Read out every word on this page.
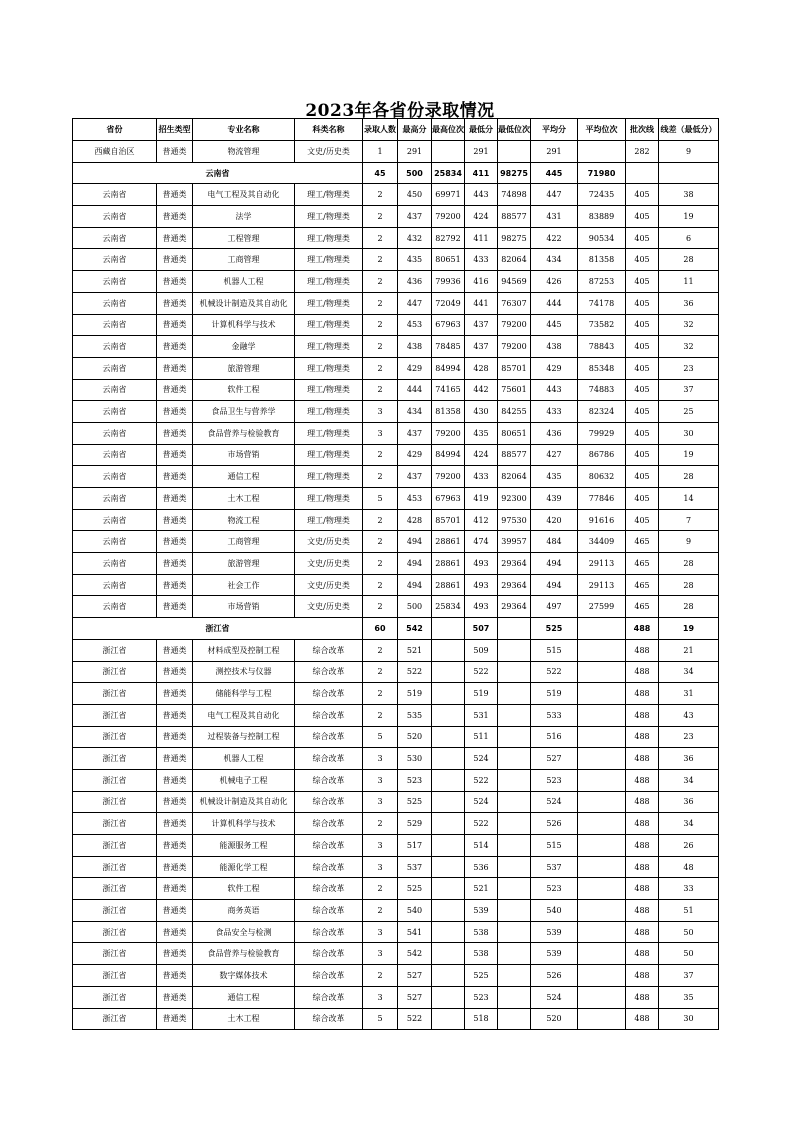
2023年各省份录取情况
省份	招生类型	专业名称	科类名称	录取人数	最高分	最高位次	最低分	最低位次	平均分	平均位次	批次线	线差（最低分）
西藏自治区	普通类	物流管理	文史/历史类	1	291		291		291		282	9
云南省				45	500	25834	411	98275	445	71980		
云南省	普通类	电气工程及其自动化	理工/物理类	2	450	69971	443	74898	447	72435	405	38
云南省	普通类	法学	理工/物理类	2	437	79200	424	88577	431	83889	405	19
云南省	普通类	工程管理	理工/物理类	2	432	82792	411	98275	422	90534	405	6
云南省	普通类	工商管理	理工/物理类	2	435	80651	433	82064	434	81358	405	28
云南省	普通类	机器人工程	理工/物理类	2	436	79936	416	94569	426	87253	405	11
云南省	普通类	机械设计制造及其自动化	理工/物理类	2	447	72049	441	76307	444	74178	405	36
云南省	普通类	计算机科学与技术	理工/物理类	2	453	67963	437	79200	445	73582	405	32
云南省	普通类	金融学	理工/物理类	2	438	78485	437	79200	438	78843	405	32
云南省	普通类	旅游管理	理工/物理类	2	429	84994	428	85701	429	85348	405	23
云南省	普通类	软件工程	理工/物理类	2	444	74165	442	75601	443	74883	405	37
云南省	普通类	食品卫生与营养学	理工/物理类	3	434	81358	430	84255	433	82324	405	25
云南省	普通类	食品营养与检验教育	理工/物理类	3	437	79200	435	80651	436	79929	405	30
云南省	普通类	市场营销	理工/物理类	2	429	84994	424	88577	427	86786	405	19
云南省	普通类	通信工程	理工/物理类	2	437	79200	433	82064	435	80632	405	28
云南省	普通类	土木工程	理工/物理类	5	453	67963	419	92300	439	77846	405	14
云南省	普通类	物流工程	理工/物理类	2	428	85701	412	97530	420	91616	405	7
云南省	普通类	工商管理	文史/历史类	2	494	28861	474	39957	484	34409	465	9
云南省	普通类	旅游管理	文史/历史类	2	494	28861	493	29364	494	29113	465	28
云南省	普通类	社会工作	文史/历史类	2	494	28861	493	29364	494	29113	465	28
云南省	普通类	市场营销	文史/历史类	2	500	25834	493	29364	497	27599	465	28
浙江省				60	542		507		525		488	19
浙江省	普通类	材料成型及控制工程	综合改革	2	521		509		515		488	21
浙江省	普通类	测控技术与仪器	综合改革	2	522		522		522		488	34
浙江省	普通类	储能科学与工程	综合改革	2	519		519		519		488	31
浙江省	普通类	电气工程及其自动化	综合改革	2	535		531		533		488	43
浙江省	普通类	过程装备与控制工程	综合改革	5	520		511		516		488	23
浙江省	普通类	机器人工程	综合改革	3	530		524		527		488	36
浙江省	普通类	机械电子工程	综合改革	3	523		522		523		488	34
浙江省	普通类	机械设计制造及其自动化	综合改革	3	525		524		524		488	36
浙江省	普通类	计算机科学与技术	综合改革	2	529		522		526		488	34
浙江省	普通类	能源服务工程	综合改革	3	517		514		515		488	26
浙江省	普通类	能源化学工程	综合改革	3	537		536		537		488	48
浙江省	普通类	软件工程	综合改革	2	525		521		523		488	33
浙江省	普通类	商务英语	综合改革	2	540		539		540		488	51
浙江省	普通类	食品安全与检测	综合改革	3	541		538		539		488	50
浙江省	普通类	食品营养与检验教育	综合改革	3	542		538		539		488	50
浙江省	普通类	数字媒体技术	综合改革	2	527		525		526		488	37
浙江省	普通类	通信工程	综合改革	3	527		523		524		488	35
浙江省	普通类	土木工程	综合改革	5	522		518		520		488	30
